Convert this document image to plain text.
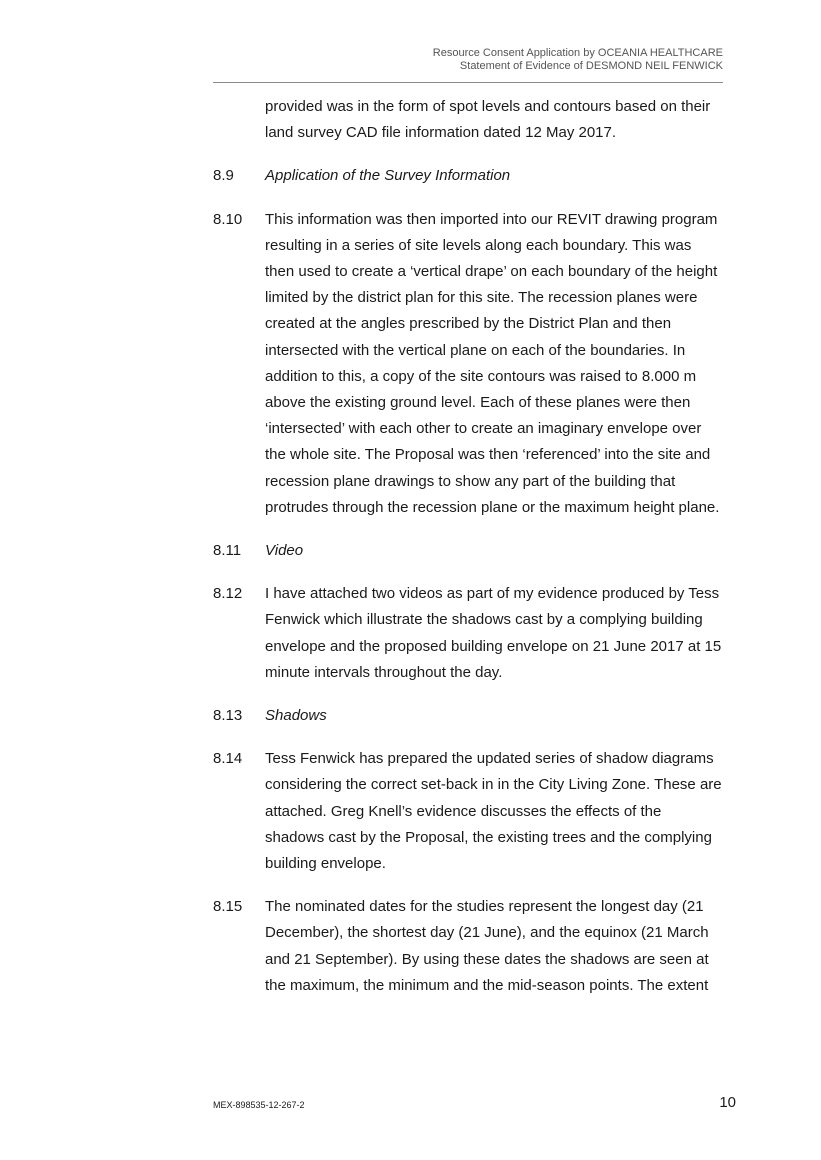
Resource Consent Application by OCEANIA HEALTHCARE
Statement of Evidence of DESMOND NEIL FENWICK
provided was in the form of spot levels and contours based on their land survey CAD file information dated 12 May 2017.
8.9	Application of the Survey Information
8.10	This information was then imported into our REVIT drawing program resulting in a series of site levels along each boundary. This was then used to create a ‘vertical drape’ on each boundary of the height limited by the district plan for this site. The recession planes were created at the angles prescribed by the District Plan and then intersected with the vertical plane on each of the boundaries. In addition to this, a copy of the site contours was raised to 8.000 m above the existing ground level. Each of these planes were then ‘intersected’ with each other to create an imaginary envelope over the whole site. The Proposal was then ‘referenced’ into the site and recession plane drawings to show any part of the building that protrudes through the recession plane or the maximum height plane.
8.11	Video
8.12	I have attached two videos as part of my evidence produced by Tess Fenwick which illustrate the shadows cast by a complying building envelope and the proposed building envelope on 21 June 2017 at 15 minute intervals throughout the day.
8.13	Shadows
8.14	Tess Fenwick has prepared the updated series of shadow diagrams considering the correct set-back in in the City Living Zone. These are attached. Greg Knell’s evidence discusses the effects of the shadows cast by the Proposal, the existing trees and the complying building envelope.
8.15	The nominated dates for the studies represent the longest day (21 December), the shortest day (21 June), and the equinox (21 March and 21 September). By using these dates the shadows are seen at the maximum, the minimum and the mid-season points. The extent
MEX-898535-12-267-2	10
